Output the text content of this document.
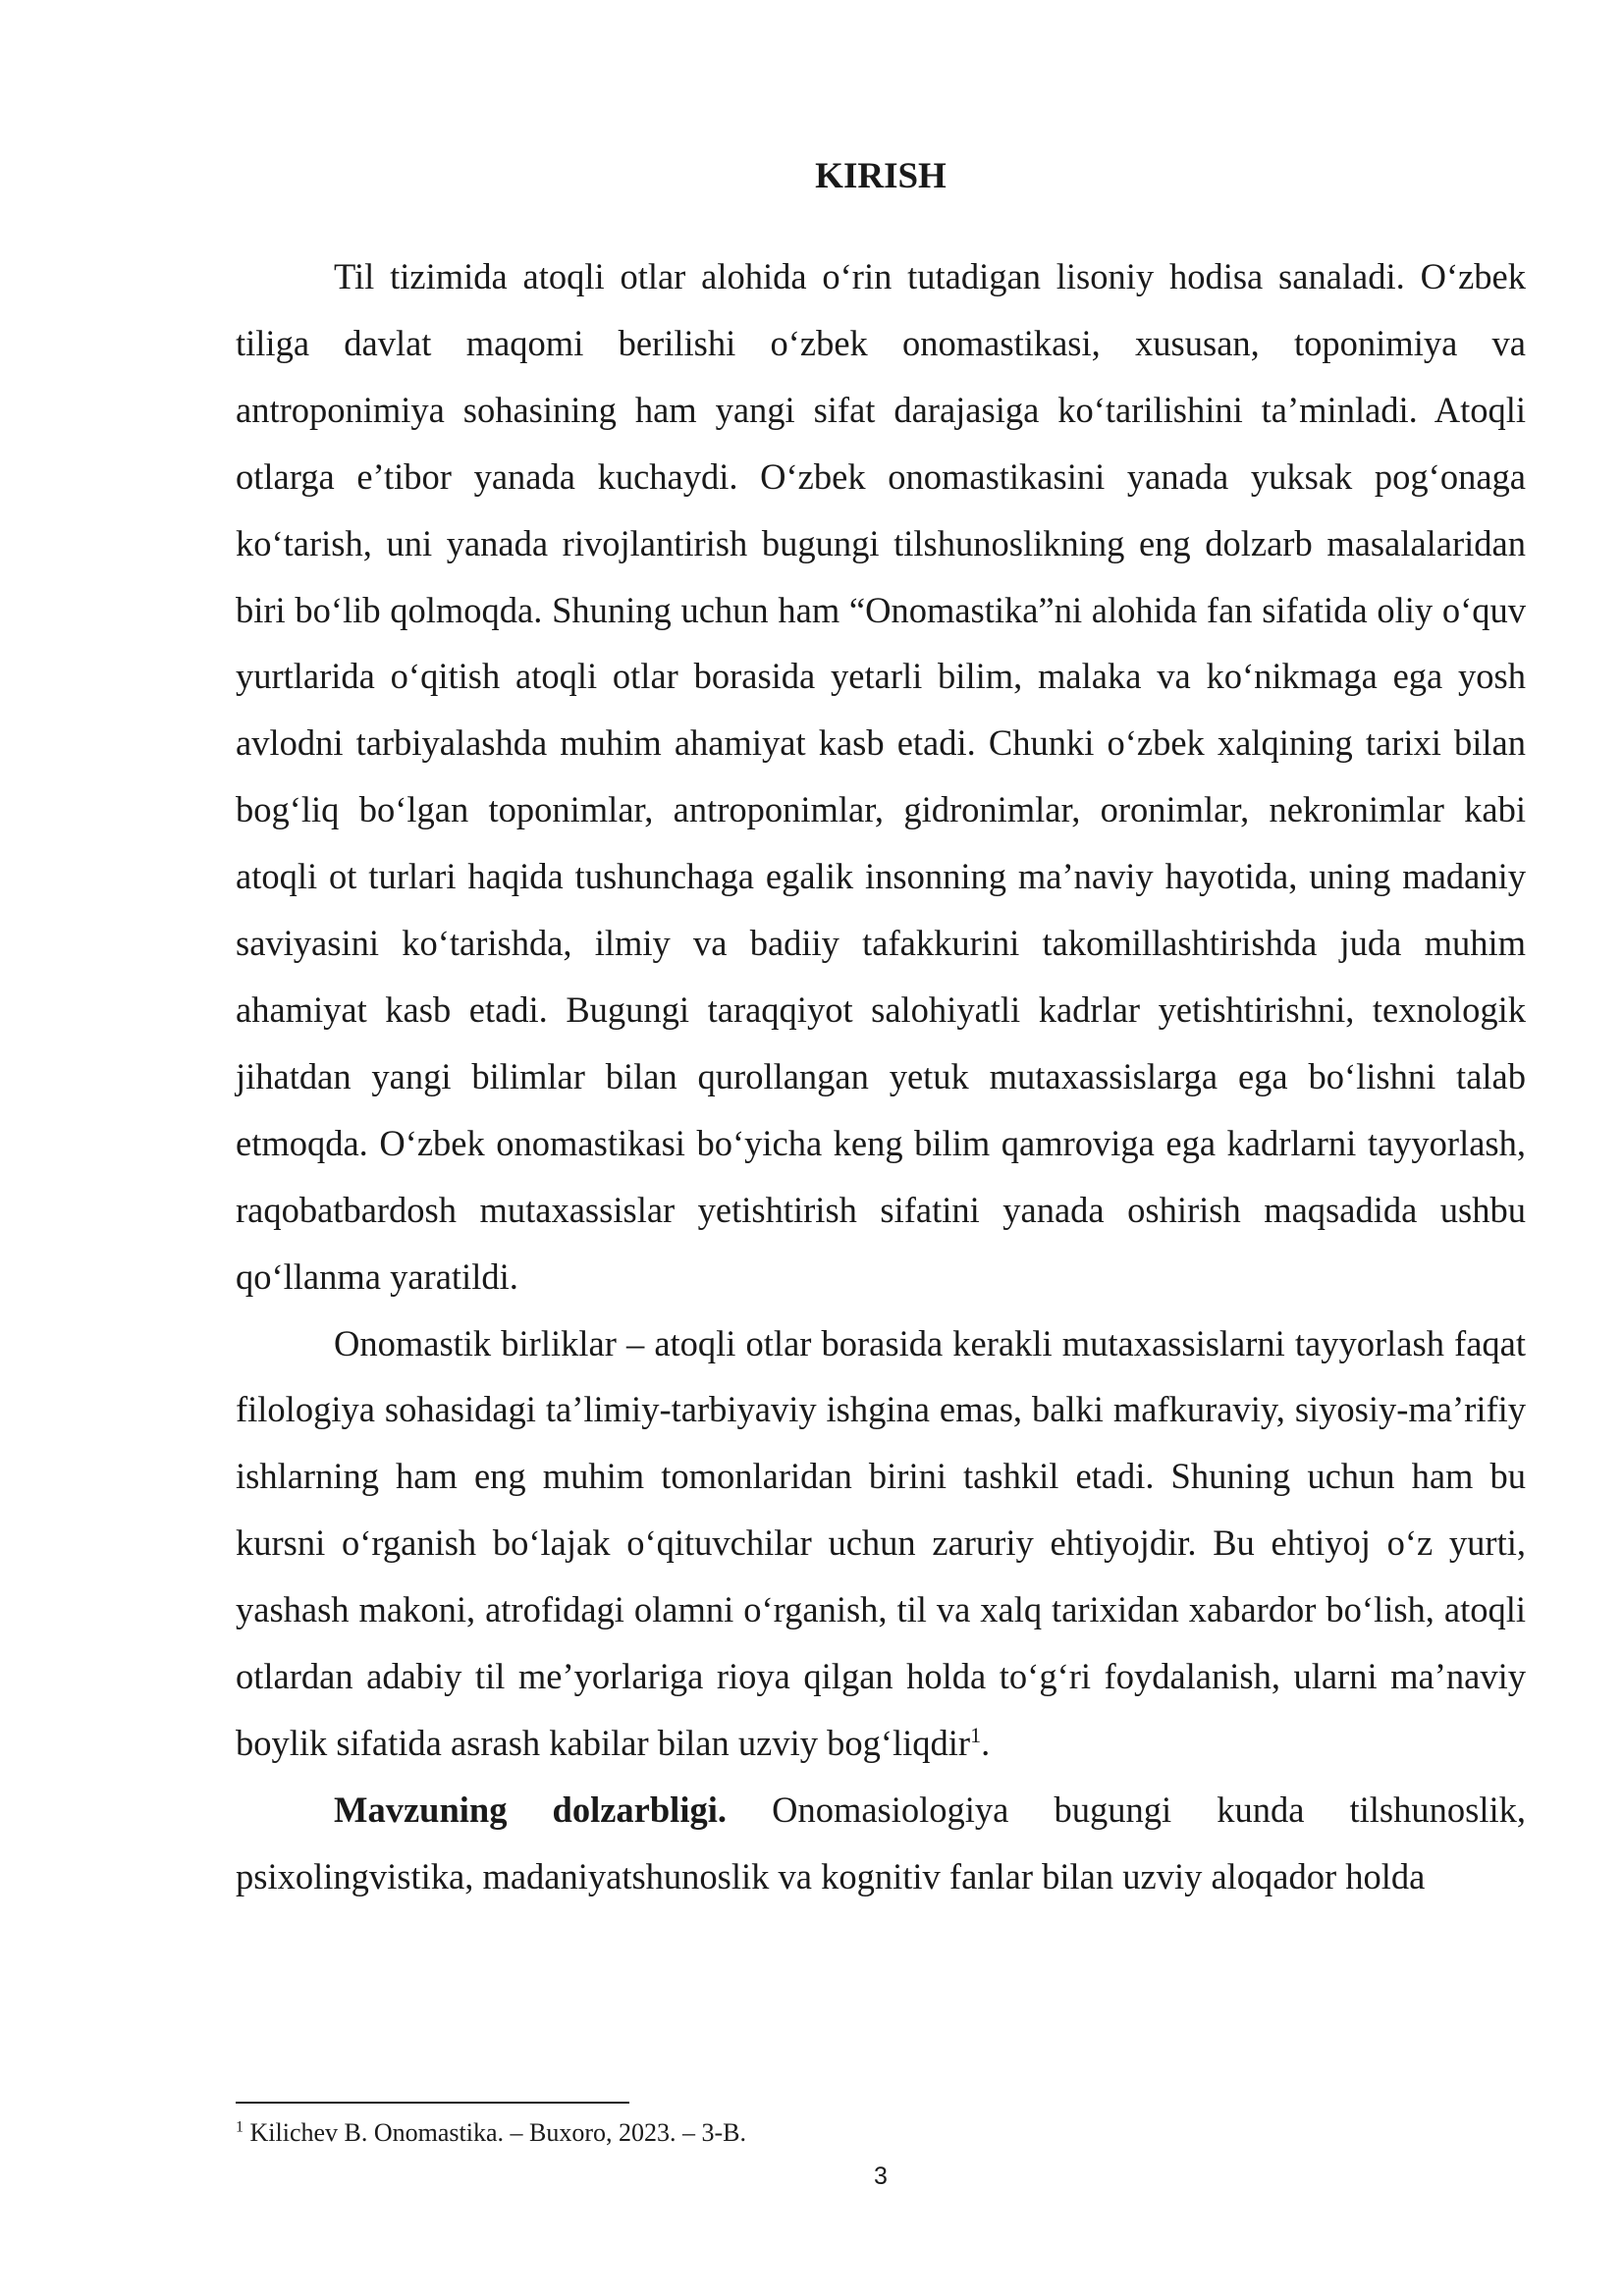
KIRISH

Til tizimida atoqli otlar alohida o‘rin tutadigan lisoniy hodisa sanaladi. O‘zbek tiliga davlat maqomi berilishi o‘zbek onomastikasi, xususan, toponimiya va antroponimiya sohasining ham yangi sifat darajasiga ko‘tarilishini ta’minladi. Atoqli otlarga e’tibor yanada kuchaydi. O‘zbek onomastikasini yanada yuksak pog‘onaga ko‘tarish, uni yanada rivojlantirish bugungi tilshunoslikning eng dolzarb masalalaridan biri bo‘lib qolmoqda. Shuning uchun ham “Onomastika”ni alohida fan sifatida oliy o‘quv yurtlarida o‘qitish atoqli otlar borasida yetarli bilim, malaka va ko‘nikmaga ega yosh avlodni tarbiyalashda muhim ahamiyat kasb etadi. Chunki o‘zbek xalqining tarixi bilan bog‘liq bo‘lgan toponimlar, antroponimlar, gidronimlar, oronimlar, nekronimlar kabi atoqli ot turlari haqida tushunchaga egalik insonning ma’naviy hayotida, uning madaniy saviyasini ko‘tarishda, ilmiy va badiiy tafakkurini takomillashtirishda juda muhim ahamiyat kasb etadi. Bugungi taraqqiyot salohiyatli kadrlar yetishtirishni, texnologik jihatdan yangi bilimlar bilan qurollangan yetuk mutaxassislarga ega bo‘lishni talab etmoqda. O‘zbek onomastikasi bo‘yicha keng bilim qamroviga ega kadrlarni tayyorlash, raqobatbardosh mutaxassislar yetishtirish sifatini yanada oshirish maqsadida ushbu qo‘llanma yaratildi.

Onomastik birliklar – atoqli otlar borasida kerakli mutaxassislarni tayyorlash faqat filologiya sohasidagi ta’limiy-tarbiyaviy ishgina emas, balki mafkuraviy, siyosiy-ma’rifiy ishlarning ham eng muhim tomonlaridan birini tashkil etadi. Shuning uchun ham bu kursni o‘rganish bo‘lajak o‘qituvchilar uchun zaruriy ehtiyojdir. Bu ehtiyoj o‘z yurti, yashash makoni, atrofidagi olamni o‘rganish, til va xalq tarixidan xabardor bo‘lish, atoqli otlardan adabiy til me’yorlariga rioya qilgan holda to‘g‘ri foydalanish, ularni ma’naviy boylik sifatida asrash kabilar bilan uzviy bog‘liqdir$^1$.

Mavzuning dolzarbligi. Onomasiologiya bugungi kunda tilshunoslik, psixolingvistika, madaniyatshunoslik va kognitiv fanlar bilan uzviy aloqador holda

$^1$ Kilichev B. Onomastika. – Buxoro, 2023. – 3-B.

3
